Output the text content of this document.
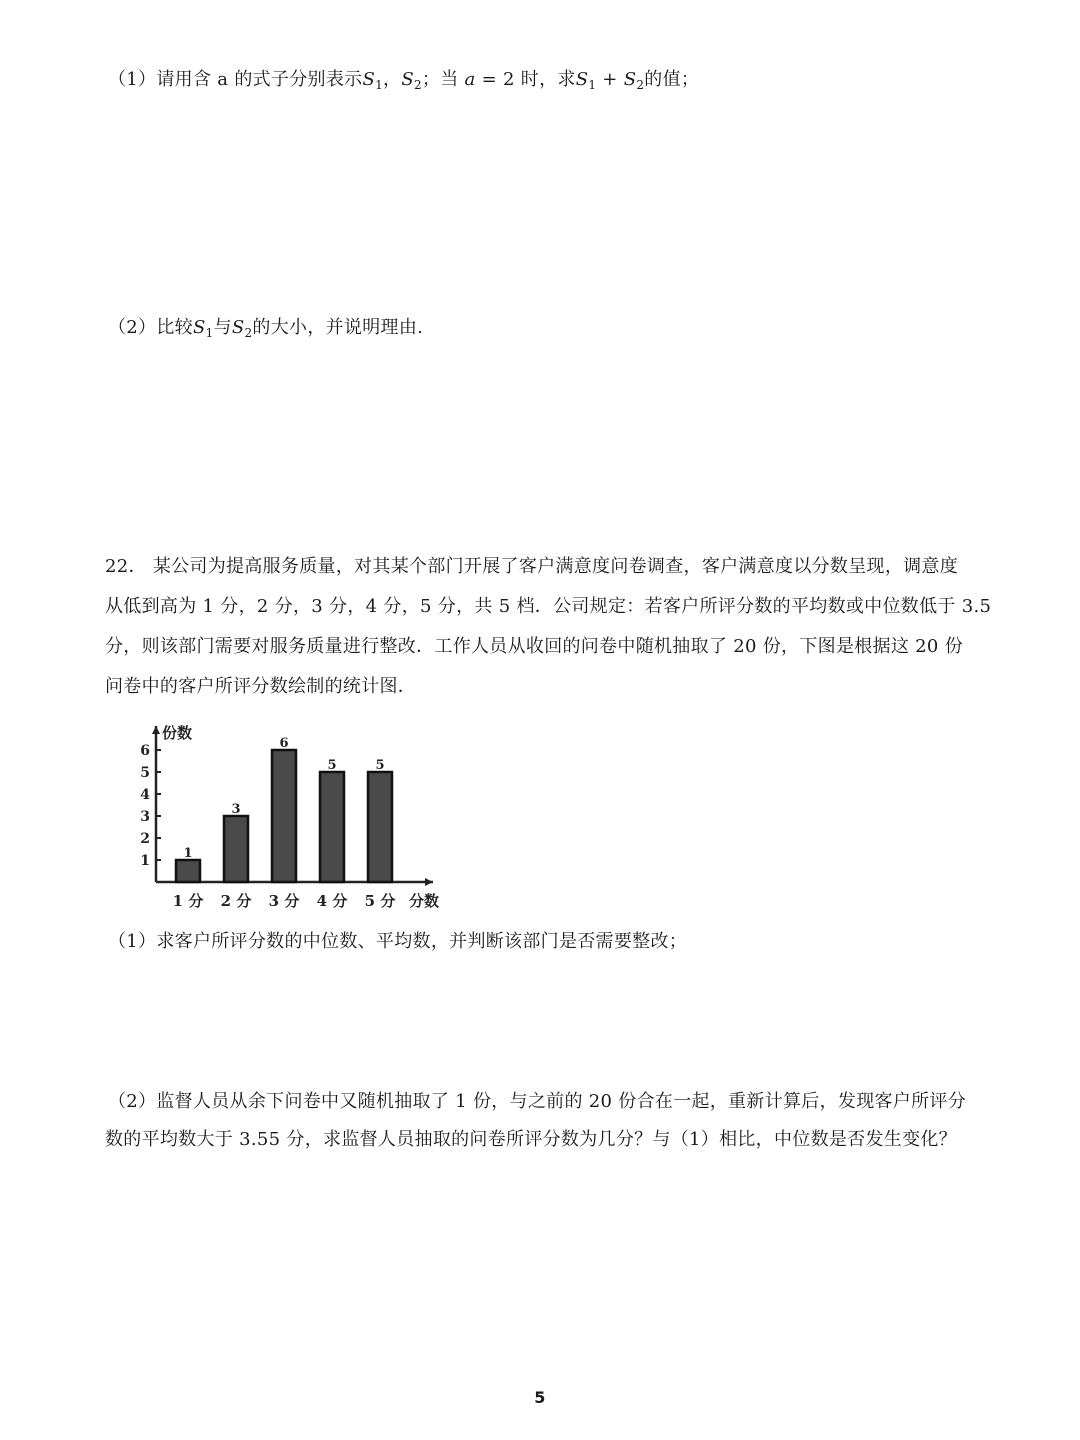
（1）请用含 a 的式子分别表示$S_1$，$S_2$；当 a = 2 时，求$S_1 + S_2$的值；
（2）比较$S_1$与$S_2$的大小，并说明理由.
22． 某公司为提高服务质量，对其某个部门开展了客户满意度问卷调查，客户满意度以分数呈现，调意度
从低到高为 1 分，2 分，3 分，4 分，5 分，共 5 档．公司规定：若客户所评分数的平均数或中位数低于 3.5
分，则该部门需要对服务质量进行整改．工作人员从收回的问卷中随机抽取了 20 份，下图是根据这 20 份
问卷中的客户所评分数绘制的统计图．
1
2
3
4
5
6
份数
分数
1
1 分
3
2 分
6
3 分
5
4 分
5
5 分
（1）求客户所评分数的中位数、平均数，并判断该部门是否需要整改；
（2）监督人员从余下问卷中又随机抽取了 1 份，与之前的 20 份合在一起，重新计算后，发现客户所评分
数的平均数大于 3.55 分，求监督人员抽取的问卷所评分数为几分？与（1）相比，中位数是否发生变化？
5
